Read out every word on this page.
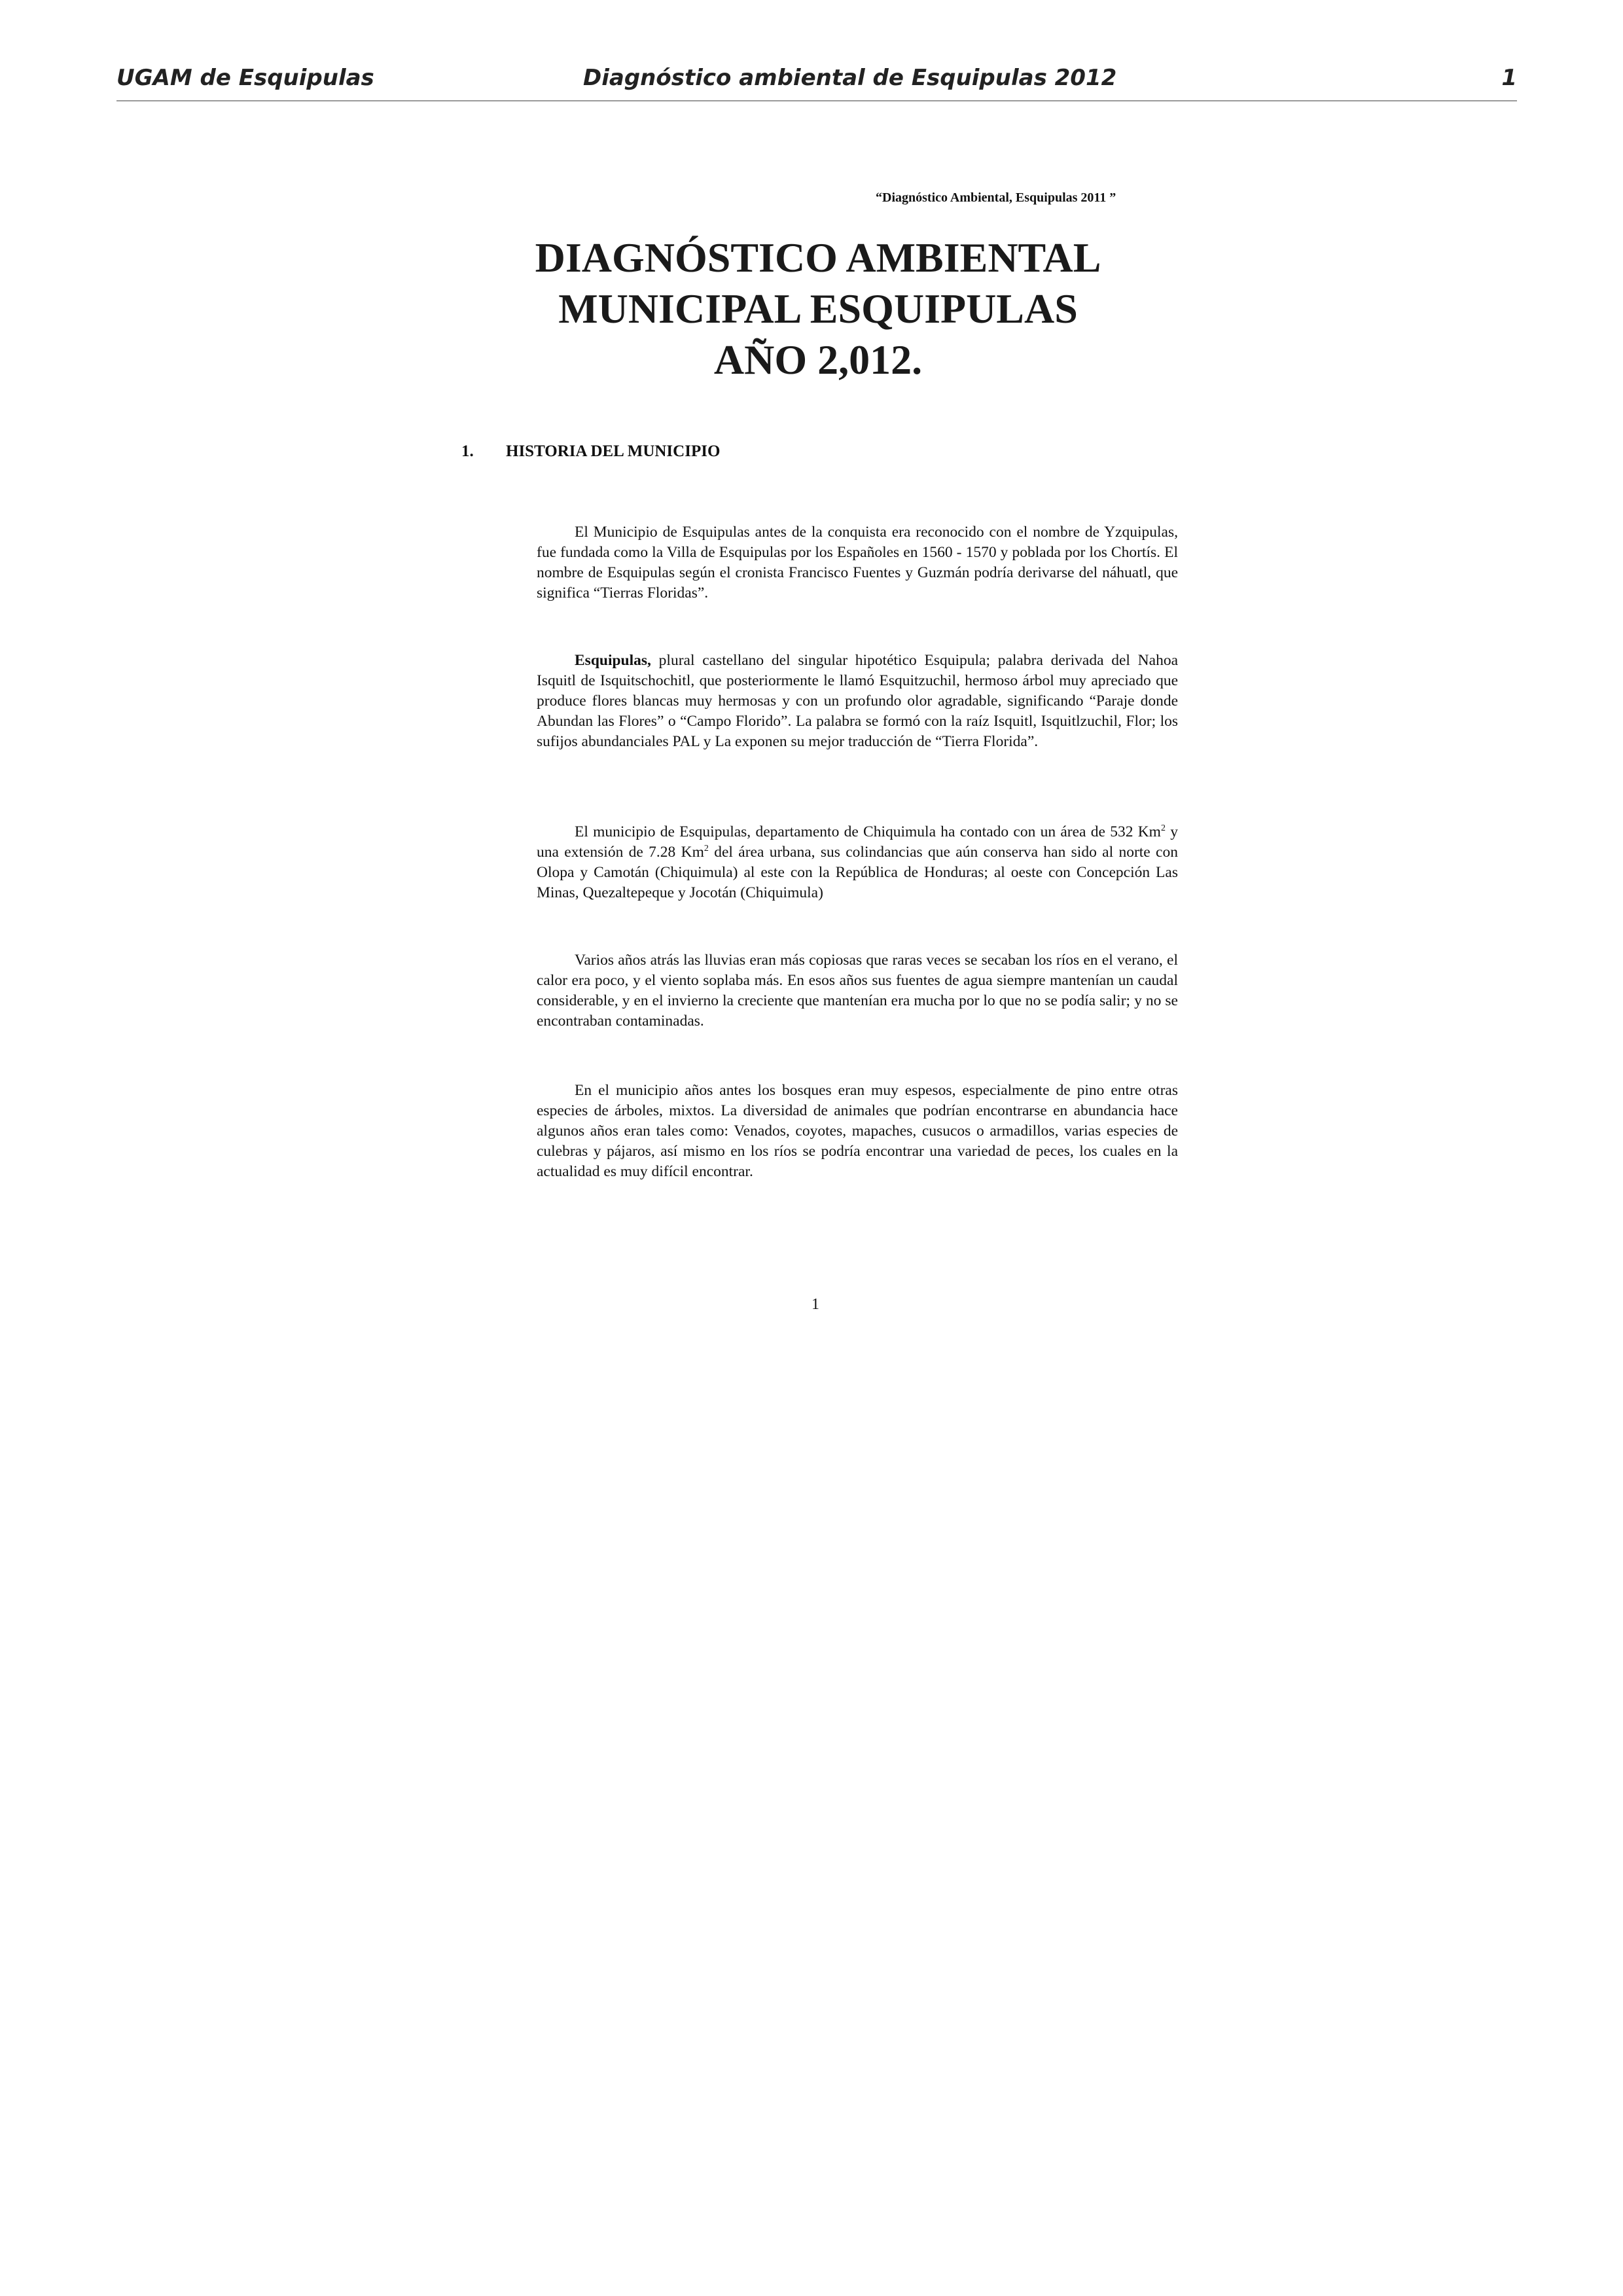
UGAM de Esquipulas	Diagnóstico ambiental de Esquipulas 2012	1
“Diagnóstico Ambiental, Esquipulas 2011 ”
DIAGNÓSTICO AMBIENTAL
MUNICIPAL ESQUIPULAS
AÑO 2,012.
1. HISTORIA DEL MUNICIPIO

El Municipio de Esquipulas antes de la conquista era reconocido con el nombre de Yzquipulas, fue fundada como la Villa de Esquipulas por los Españoles en 1560 - 1570 y poblada por los Chortís. El nombre de Esquipulas según el cronista Francisco Fuentes y Guzmán podría derivarse del náhuatl, que significa “Tierras Floridas”.

Esquipulas, plural castellano del singular hipotético Esquipula; palabra derivada del Nahoa Isquitl de Isquitschochitl, que posteriormente le llamó Esquitzuchil, hermoso árbol muy apreciado que produce flores blancas muy hermosas y con un profundo olor agradable, significando “Paraje donde Abundan las Flores” o “Campo Florido”. La palabra se formó con la raíz Isquitl, Isquitlzuchil, Flor; los sufijos abundanciales PAL y La exponen su mejor traducción de “Tierra Florida”.

El municipio de Esquipulas, departamento de Chiquimula ha contado con un área de 532 Km$^2$ y una extensión de 7.28 Km$^2$ del área urbana, sus colindancias que aún conserva han sido al norte con Olopa y Camotán (Chiquimula) al este con la República de Honduras; al oeste con Concepción Las Minas, Quezaltepeque y Jocotán (Chiquimula)

Varios años atrás las lluvias eran más copiosas que raras veces se secaban los ríos en el verano, el calor era poco, y el viento soplaba más. En esos años sus fuentes de agua siempre mantenían un caudal considerable, y en el invierno la creciente que mantenían era mucha por lo que no se podía salir; y no se encontraban contaminadas.

En el municipio años antes los bosques eran muy espesos, especialmente de pino entre otras especies de árboles, mixtos. La diversidad de animales que podrían encontrarse en abundancia hace algunos años eran tales como: Venados, coyotes, mapaches, cusucos o armadillos, varias especies de culebras y pájaros, así mismo en los ríos se podría encontrar una variedad de peces, los cuales en la actualidad es muy difícil encontrar.

1
